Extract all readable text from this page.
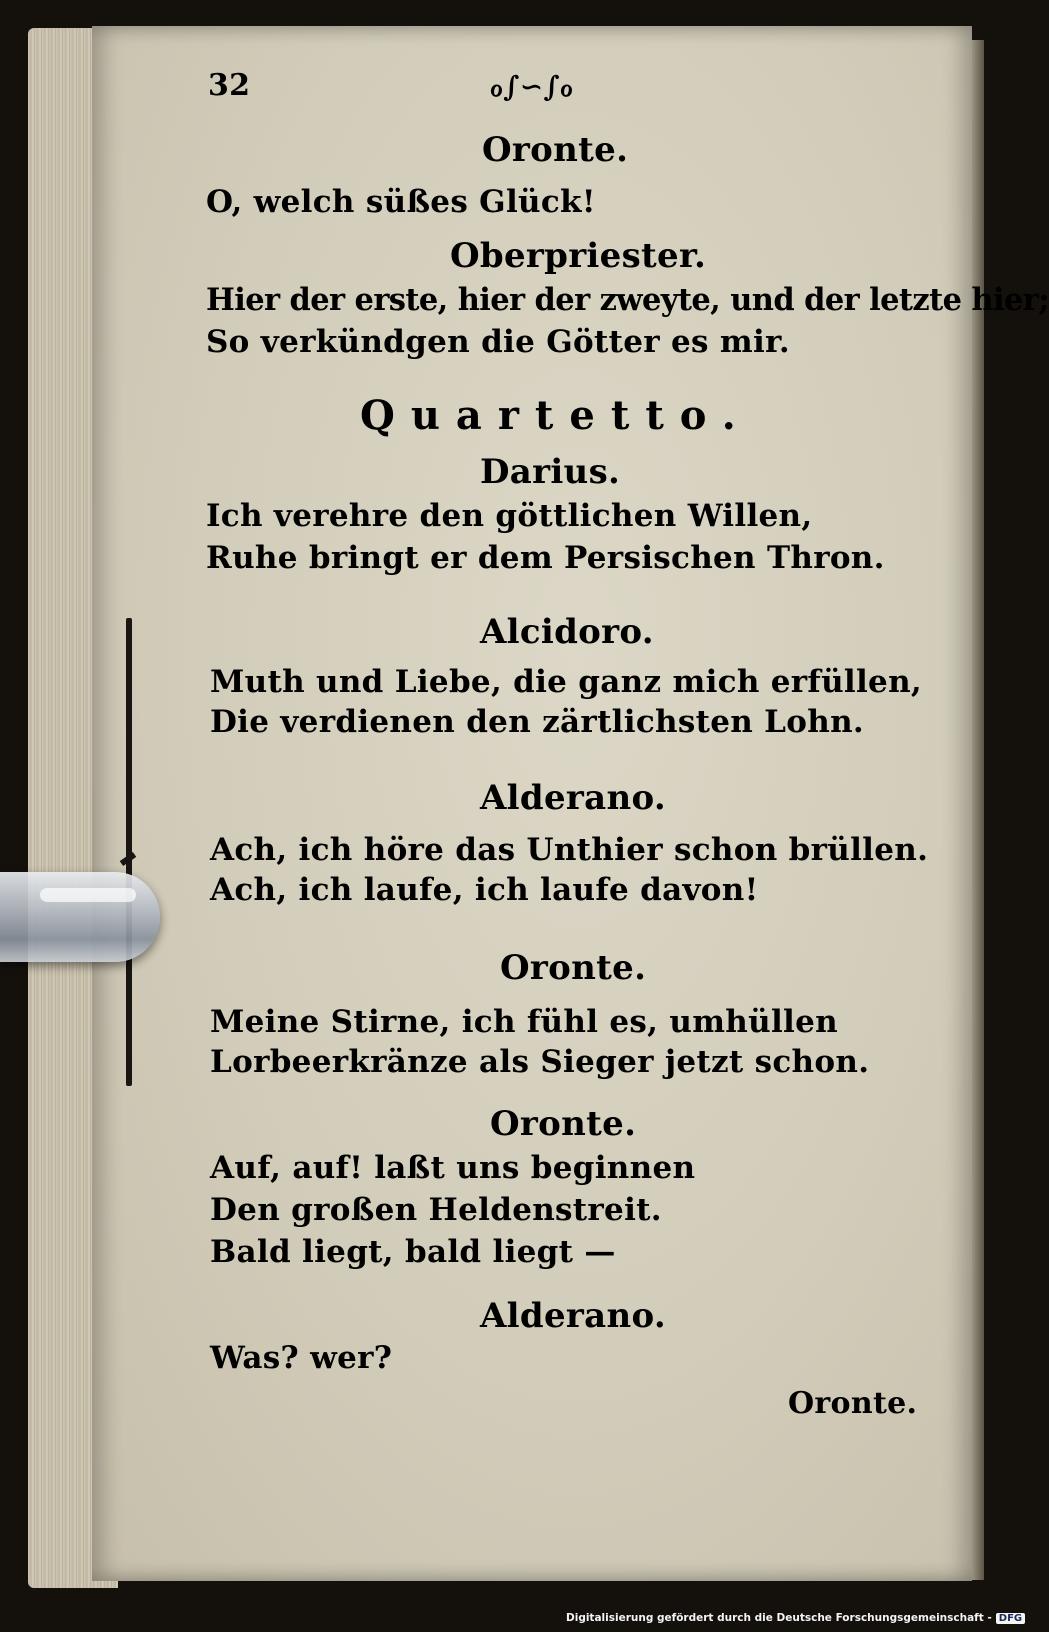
32	ℴ∫∽∫ℴ
Oronte.
O, welch süßes Glück!
Oberpriester.
Hier der erste, hier der zweyte, und der letzte hier;
So verkündgen die Götter es mir.
Quartetto.
Darius.
Ich verehre den göttlichen Willen,
Ruhe bringt er dem Persischen Thron.
Alcidoro.
Muth und Liebe, die ganz mich erfüllen,
Die verdienen den zärtlichsten Lohn.
Alderano.
Ach, ich höre das Unthier schon brüllen.
Ach, ich laufe, ich laufe davon!
Oronte.
Meine Stirne, ich fühl es, umhüllen
Lorbeerkränze als Sieger jetzt schon.
Oronte.
Auf, auf! laßt uns beginnen
Den großen Heldenstreit.
Bald liegt, bald liegt —
Alderano.
Was? wer?
Oronte.
Digitalisierung gefördert durch die Deutsche Forschungsgemeinschaft - DFG
